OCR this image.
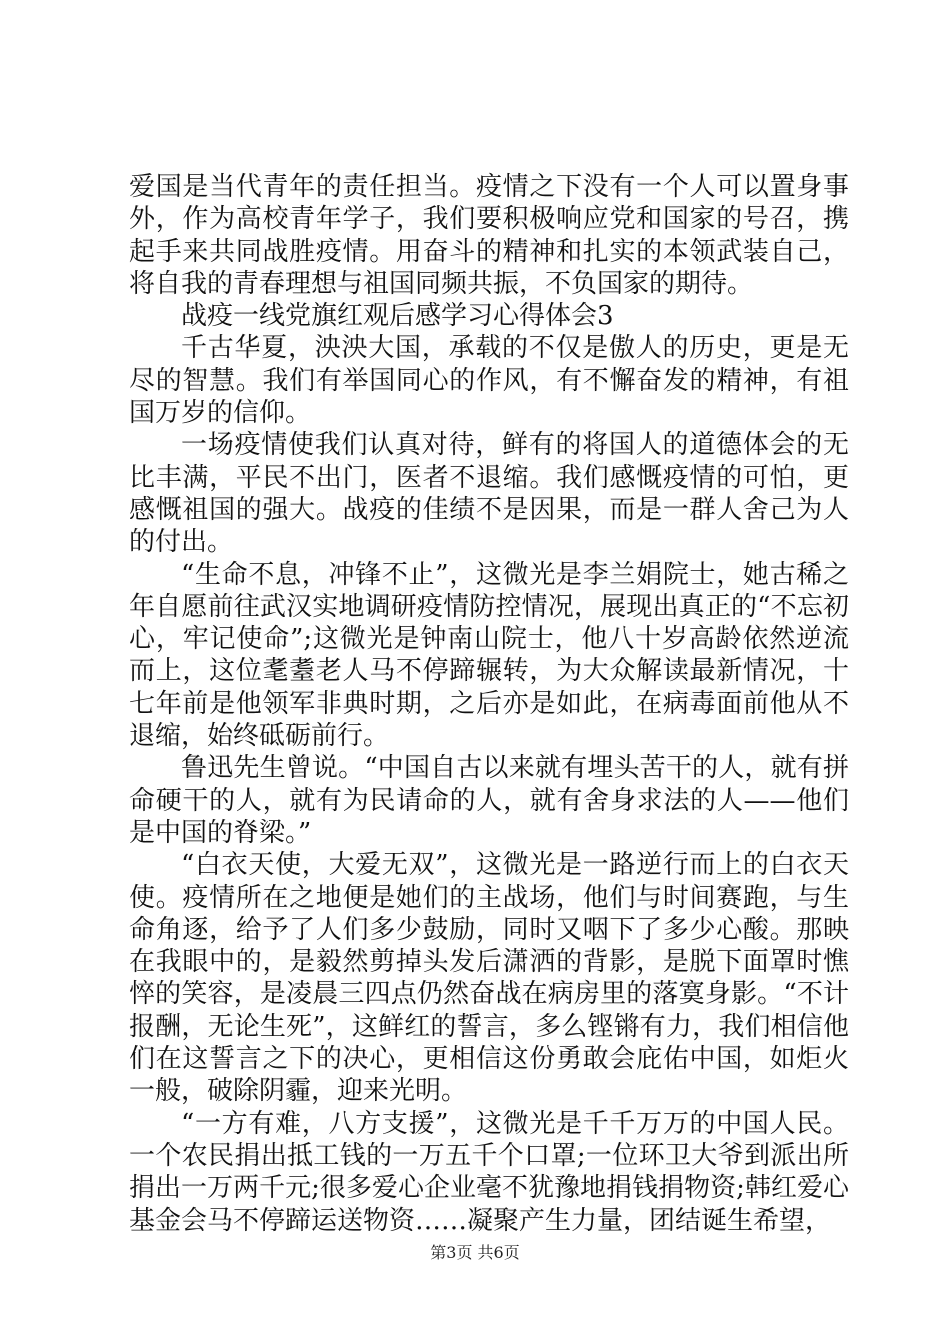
爱国是当代青年的责任担当。疫情之下没有一个人可以置身事外，作为高校青年学子，我们要积极响应党和国家的号召，携起手来共同战胜疫情。用奋斗的精神和扎实的本领武装自己，将自我的青春理想与祖国同频共振，不负国家的期待。

战疫一线党旗红观后感学习心得体会3

千古华夏，泱泱大国，承载的不仅是傲人的历史，更是无尽的智慧。我们有举国同心的作风，有不懈奋发的精神，有祖国万岁的信仰。

一场疫情使我们认真对待，鲜有的将国人的道德体会的无比丰满，平民不出门，医者不退缩。我们感慨疫情的可怕，更感慨祖国的强大。战疫的佳绩不是因果，而是一群人舍己为人的付出。

“生命不息，冲锋不止”，这微光是李兰娟院士，她古稀之年自愿前往武汉实地调研疫情防控情况，展现出真正的“不忘初心，牢记使命”;这微光是钟南山院士，他八十岁高龄依然逆流而上，这位耄耋老人马不停蹄辗转，为大众解读最新情况，十七年前是他领军非典时期，之后亦是如此，在病毒面前他从不退缩，始终砥砺前行。

鲁迅先生曾说。“中国自古以来就有埋头苦干的人，就有拼命硬干的人，就有为民请命的人，就有舍身求法的人——他们是中国的脊梁。”

“白衣天使，大爱无双”，这微光是一路逆行而上的白衣天使。疫情所在之地便是她们的主战场，他们与时间赛跑，与生命角逐，给予了人们多少鼓励，同时又咽下了多少心酸。那映在我眼中的，是毅然剪掉头发后潇洒的背影，是脱下面罩时憔悴的笑容，是凌晨三四点仍然奋战在病房里的落寞身影。“不计报酬，无论生死”，这鲜红的誓言，多么铿锵有力，我们相信他们在这誓言之下的决心，更相信这份勇敢会庇佑中国，如炬火一般，破除阴霾，迎来光明。

“一方有难，八方支援”，这微光是千千万万的中国人民。一个农民捐出抵工钱的一万五千个口罩;一位环卫大爷到派出所捐出一万两千元;很多爱心企业毫不犹豫地捐钱捐物资;韩红爱心基金会马不停蹄运送物资……凝聚产生力量，团结诞生希望，

第3页 共6页
